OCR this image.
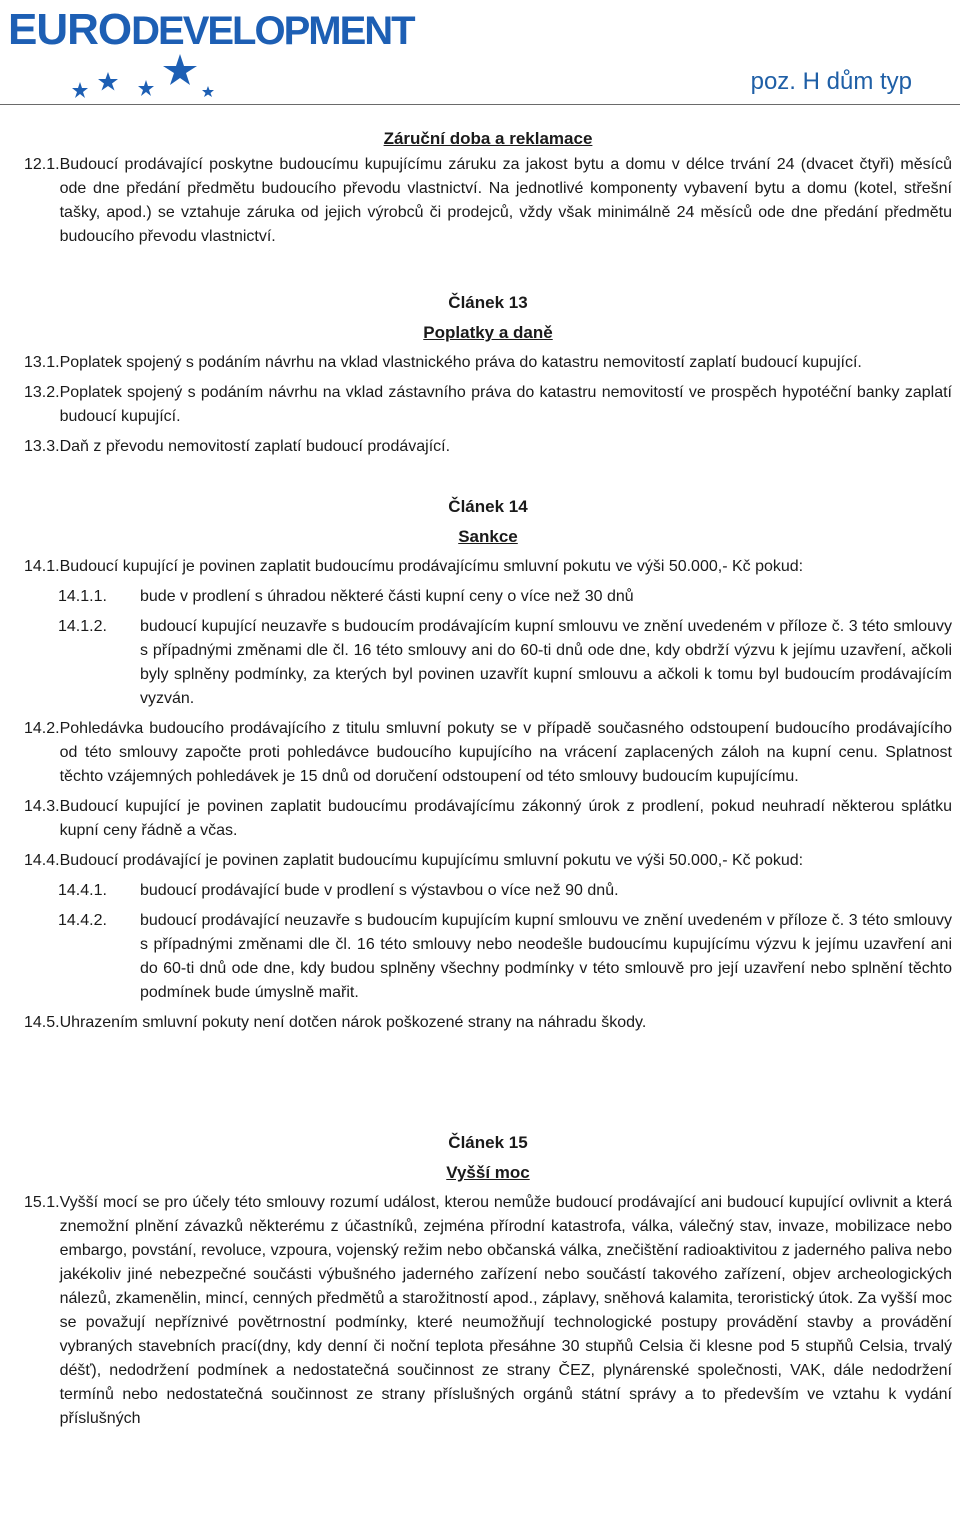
EURODEVELOPMENT
poz. H dům typ

Záruční doba a reklamace

12.1. Budoucí prodávající poskytne budoucímu kupujícímu záruku za jakost bytu a domu v délce trvání 24 (dvacet čtyři) měsíců ode dne předání předmětu budoucího převodu vlastnictví. Na jednotlivé komponenty vybavení bytu a domu (kotel, střešní tašky, apod.) se vztahuje záruka od jejich výrobců či prodejců, vždy však minimálně 24 měsíců ode dne předání předmětu budoucího převodu vlastnictví.

Článek 13

Poplatky a daně

13.1. Poplatek spojený s podáním návrhu na vklad vlastnického práva do katastru nemovitostí zaplatí budoucí kupující.
13.2. Poplatek spojený s podáním návrhu na vklad zástavního práva do katastru nemovitostí ve prospěch hypotéční banky zaplatí budoucí kupující.
13.3. Daň z převodu nemovitostí zaplatí budoucí prodávající.

Článek 14

Sankce

14.1. Budoucí kupující je povinen zaplatit budoucímu prodávajícímu smluvní pokutu ve výši 50.000,- Kč pokud:
14.1.1.	bude v prodlení s úhradou některé části kupní ceny o více než 30 dnů
14.1.2.	budoucí kupující neuzavře s budoucím prodávajícím kupní smlouvu ve znění uvedeném v příloze č. 3 této smlouvy s případnými změnami dle čl. 16 této smlouvy ani do 60-ti dnů ode dne, kdy obdrží výzvu k jejímu uzavření, ačkoli byly splněny podmínky, za kterých byl povinen uzavřít kupní smlouvu a ačkoli k tomu byl budoucím prodávajícím vyzván.
14.2. Pohledávka budoucího prodávajícího z titulu smluvní pokuty se v případě současného odstoupení budoucího prodávajícího od této smlouvy započte proti pohledávce budoucího kupujícího na vrácení zaplacených záloh na kupní cenu. Splatnost těchto vzájemných pohledávek je 15 dnů od doručení odstoupení od této smlouvy budoucím kupujícímu.
14.3. Budoucí kupující je povinen zaplatit budoucímu prodávajícímu zákonný úrok z prodlení, pokud neuhradí některou splátku kupní ceny řádně a včas.
14.4. Budoucí prodávající je povinen zaplatit budoucímu kupujícímu smluvní pokutu ve výši 50.000,- Kč pokud:
14.4.1.	budoucí prodávající bude v prodlení s výstavbou o více než 90 dnů.
14.4.2.	budoucí prodávající neuzavře s budoucím kupujícím kupní smlouvu ve znění uvedeném v příloze č. 3 této smlouvy s případnými změnami dle čl. 16 této smlouvy nebo neodešle budoucímu kupujícímu výzvu k jejímu uzavření ani do 60-ti dnů ode dne, kdy budou splněny všechny podmínky v této smlouvě pro její uzavření nebo splnění těchto podmínek bude úmyslně mařit.
14.5. Uhrazením smluvní pokuty není dotčen nárok poškozené strany na náhradu škody.

Článek 15

Vyšší moc

15.1. Vyšší mocí se pro účely této smlouvy rozumí událost, kterou nemůže budoucí prodávající ani budoucí kupující ovlivnit a která znemožní plnění závazků některému z účastníků, zejména přírodní katastrofa, válka, válečný stav, invaze, mobilizace nebo embargo, povstání, revoluce, vzpoura, vojenský režim nebo občanská válka, znečištění radioaktivitou z jaderného paliva nebo jakékoliv jiné nebezpečné součásti výbušného jaderného zařízení nebo součástí takového zařízení, objev archeologických nálezů, zkamenělin, mincí, cenných předmětů a starožitností apod., záplavy, sněhová kalamita, teroristický útok. Za vyšší moc se považují nepříznivé povětrnostní podmínky, které neumožňují technologické postupy provádění stavby a provádění vybraných stavebních prací(dny, kdy denní či noční teplota přesáhne 30 stupňů Celsia či klesne pod 5 stupňů Celsia, trvalý déšť), nedodržení podmínek a nedostatečná součinnost ze strany ČEZ, plynárenské společnosti, VAK, dále nedodržení termínů nebo nedostatečná součinnost ze strany příslušných orgánů státní správy a to především ve vztahu k vydání příslušných
